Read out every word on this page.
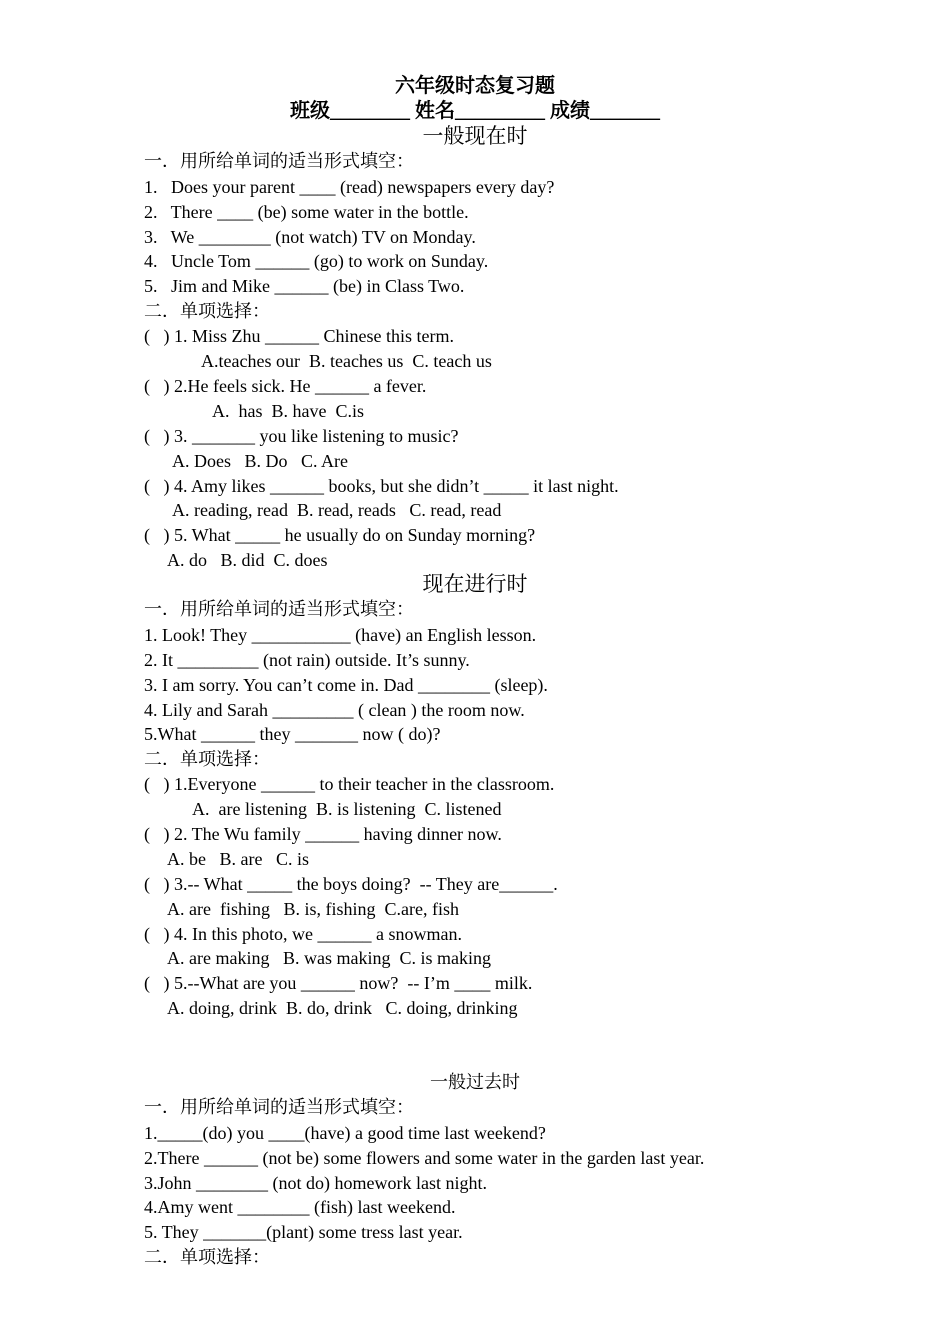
六年级时态复习题
班级________ 姓名_________ 成绩_______
一般现在时
一．用所给单词的适当形式填空：
1.   Does your parent ____ (read) newspapers every day?
2.   There ____ (be) some water in the bottle.
3.   We ________ (not watch) TV on Monday.
4.   Uncle Tom ______ (go) to work on Sunday.
5.   Jim and Mike ______ (be) in Class Two.
二．单项选择：
(   ) 1. Miss Zhu ______ Chinese this term.
A.teaches our  B. teaches us  C. teach us
(   ) 2.He feels sick. He ______ a fever.
A.  has  B. have  C.is
(   ) 3. _______ you like listening to music?
A. Does   B. Do   C. Are
(   ) 4. Amy likes ______ books, but she didn’t _____ it last night.
A. reading, read  B. read, reads   C. read, read
(   ) 5. What _____ he usually do on Sunday morning?
A. do   B. did  C. does
现在进行时
一．用所给单词的适当形式填空：
1. Look! They ___________ (have) an English lesson.
2. It _________ (not rain) outside. It’s sunny.
3. I am sorry. You can’t come in. Dad ________ (sleep).
4. Lily and Sarah _________ ( clean ) the room now.
5.What ______ they _______ now ( do)?
二．单项选择：
(   ) 1.Everyone ______ to their teacher in the classroom.
A.  are listening  B. is listening  C. listened
(   ) 2. The Wu family ______ having dinner now.
A. be   B. are   C. is
(   ) 3.-- What _____ the boys doing?  -- They are______.
A. are  fishing   B. is, fishing  C.are, fish
(   ) 4. In this photo, we ______ a snowman.
A. are making   B. was making  C. is making
(   ) 5.--What are you ______ now?  -- I’m ____ milk.
A. doing, drink  B. do, drink   C. doing, drinking
一般过去时
一．用所给单词的适当形式填空：
1._____(do) you ____(have) a good time last weekend?
2.There ______ (not be) some flowers and some water in the garden last year.
3.John ________ (not do) homework last night.
4.Amy went ________ (fish) last weekend.
5. They _______(plant) some tress last year.
二．单项选择：
